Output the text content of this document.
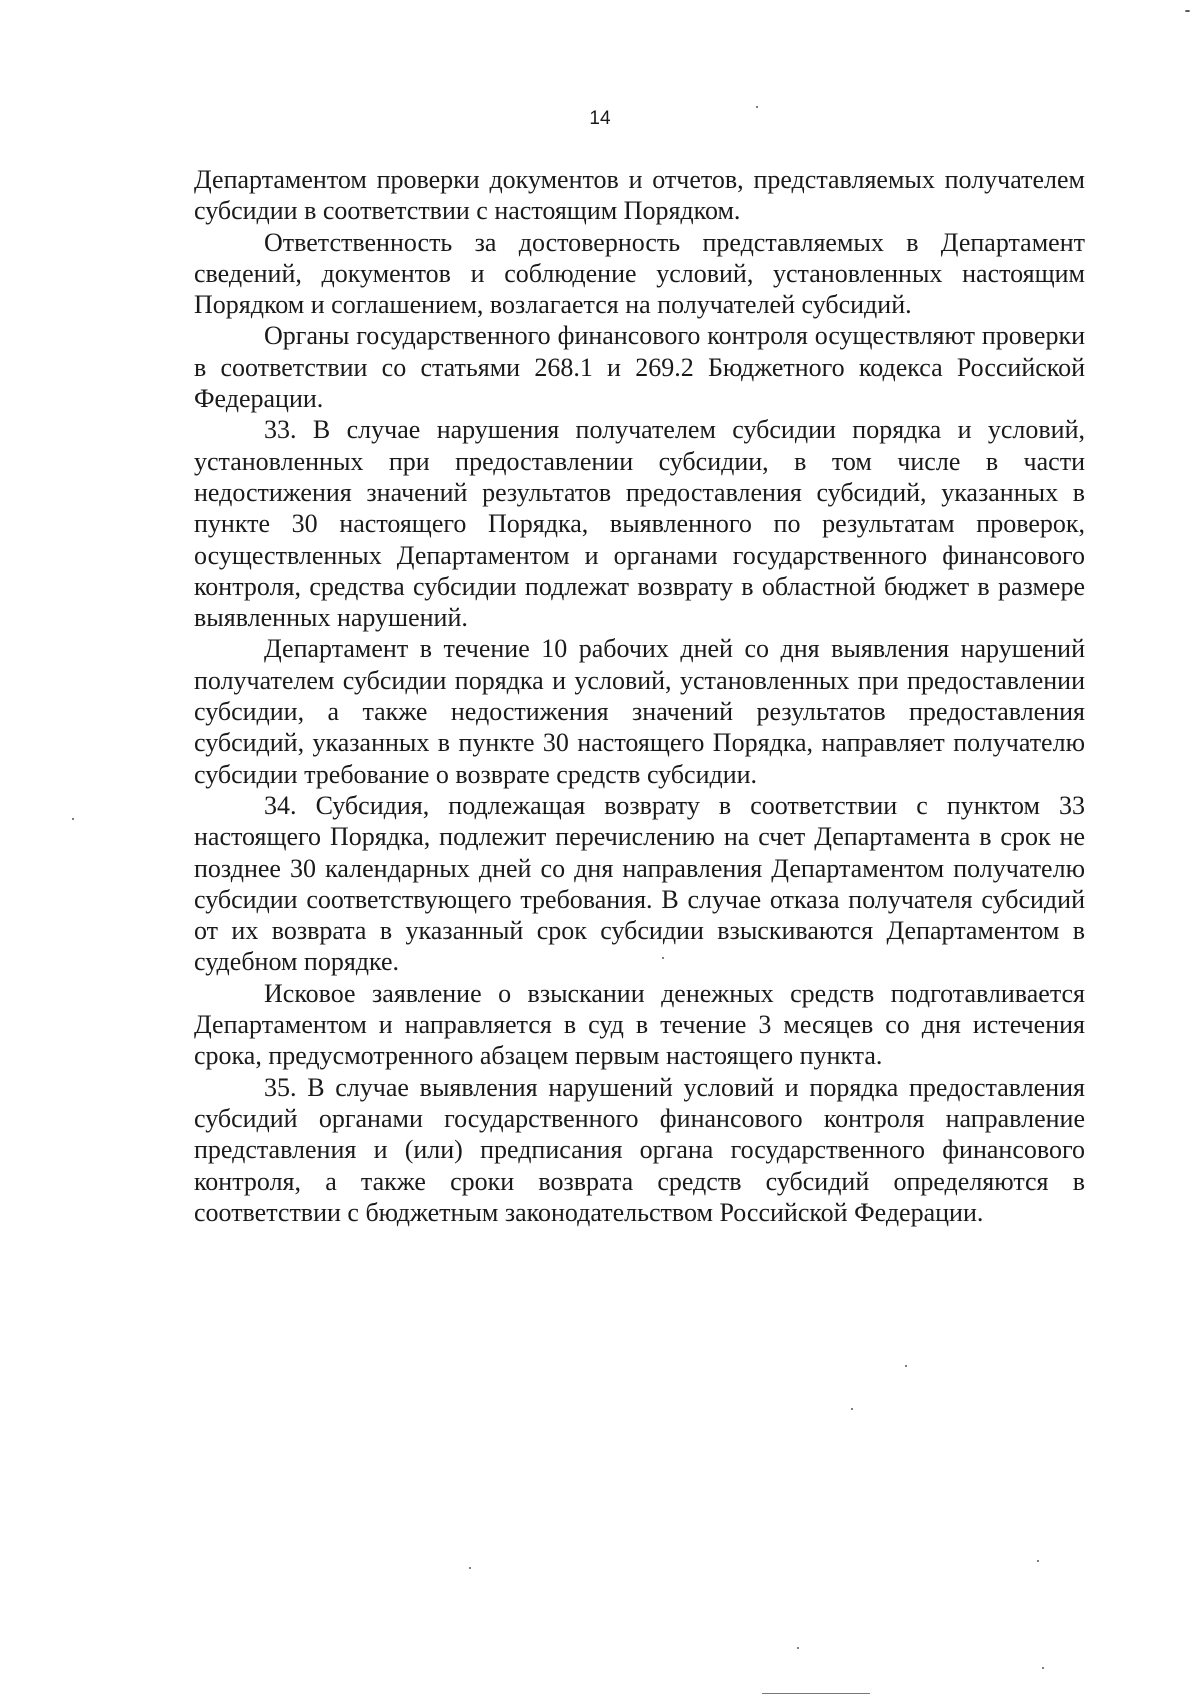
14

Департаментом проверки документов и отчетов, представляемых получателем субсидии в соответствии с настоящим Порядком.

Ответственность за достоверность представляемых в Департамент сведений, документов и соблюдение условий, установленных настоящим Порядком и соглашением, возлагается на получателей субсидий.

Органы государственного финансового контроля осуществляют проверки в соответствии со статьями 268.1 и 269.2 Бюджетного кодекса Российской Федерации.

33. В случае нарушения получателем субсидии порядка и условий, установленных при предоставлении субсидии, в том числе в части недостижения значений результатов предоставления субсидий, указанных в пункте 30 настоящего Порядка, выявленного по результатам проверок, осуществленных Департаментом и органами государственного финансового контроля, средства субсидии подлежат возврату в областной бюджет в размере выявленных нарушений.

Департамент в течение 10 рабочих дней со дня выявления нарушений получателем субсидии порядка и условий, установленных при предоставлении субсидии, а также недостижения значений результатов предоставления субсидий, указанных в пункте 30 настоящего Порядка, направляет получателю субсидии требование о возврате средств субсидии.

34. Субсидия, подлежащая возврату в соответствии с пунктом 33 настоящего Порядка, подлежит перечислению на счет Департамента в срок не позднее 30 календарных дней со дня направления Департаментом получателю субсидии соответствующего требования. В случае отказа получателя субсидий от их возврата в указанный срок субсидии взыскиваются Департаментом в судебном порядке.

Исковое заявление о взыскании денежных средств подготавливается Департаментом и направляется в суд в течение 3 месяцев со дня истечения срока, предусмотренного абзацем первым настоящего пункта.

35. В случае выявления нарушений условий и порядка предоставления субсидий органами государственного финансового контроля направление представления и (или) предписания органа государственного финансового контроля, а также сроки возврата средств субсидий определяются в соответствии с бюджетным законодательством Российской Федерации.
